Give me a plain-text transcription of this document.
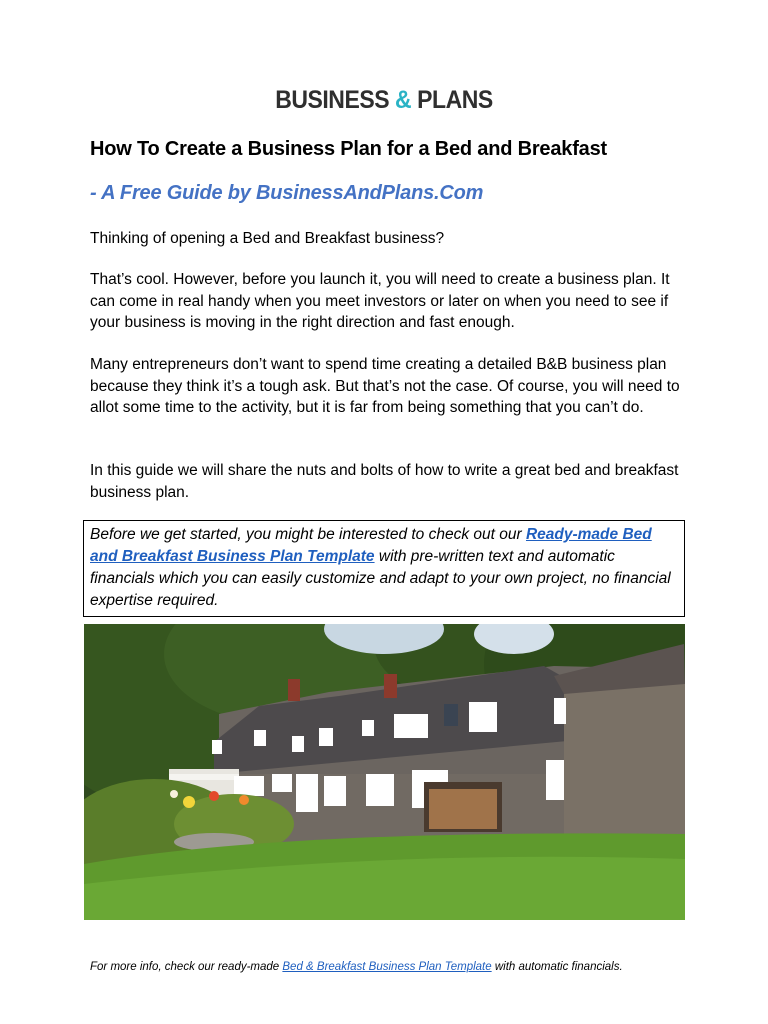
BUSINESS & PLANS
How To Create a Business Plan for a Bed and Breakfast
- A Free Guide by BusinessAndPlans.Com

Thinking of opening a Bed and Breakfast business?

That’s cool. However, before you launch it, you will need to create a business plan. It can come in real handy when you meet investors or later on when you need to see if your business is moving in the right direction and fast enough.

Many entrepreneurs don’t want to spend time creating a detailed B&B business plan because they think it’s a tough ask. But that’s not the case. Of course, you will need to allot some time to the activity, but it is far from being something that you can’t do.

In this guide we will share the nuts and bolts of how to write a great bed and breakfast business plan.

Before we get started, you might be interested to check out our Ready-made Bed and Breakfast Business Plan Template with pre-written text and automatic financials which you can easily customize and adapt to your own project, no financial expertise required.
For more info, check our ready-made Bed & Breakfast Business Plan Template with automatic financials.
